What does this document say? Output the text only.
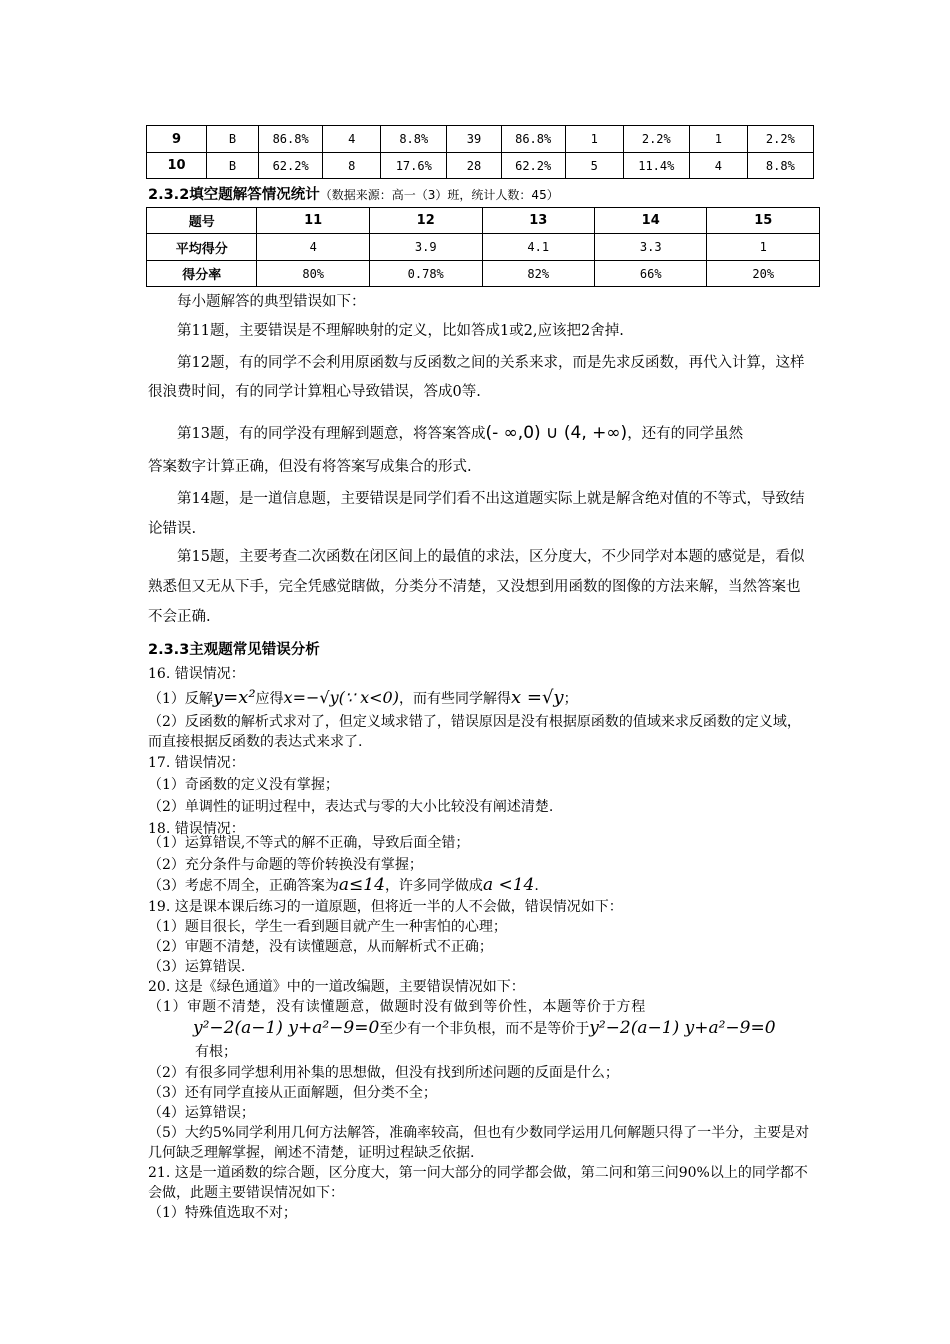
9	B	86.8%	4	8.8%	39	86.8%	1	2.2%	1	2.2%
10	B	62.2%	8	17.6%	28	62.2%	5	11.4%	4	8.8%
2.3.2填空题解答情况统计（数据来源：高一（3）班，统计人数：45）
题号	11	12	13	14	15
平均得分	4	3.9	4.1	3.3	1
得分率	80%	0.78%	82%	66%	20%
每小题解答的典型错误如下：
第11题，主要错误是不理解映射的定义，比如答成1或2,应该把2舍掉.
第12题，有的同学不会利用原函数与反函数之间的关系来求，而是先求反函数，再代入计算，这样很浪费时间，有的同学计算粗心导致错误，答成0等.
第13题，有的同学没有理解到题意，将答案答成(- ∞,0) ∪ (4, +∞)，还有的同学虽然
答案数字计算正确，但没有将答案写成集合的形式.
第14题，是一道信息题，主要错误是同学们看不出这道题实际上就是解含绝对值的不等式，导致结论错误.
第15题，主要考查二次函数在闭区间上的最值的求法，区分度大，不少同学对本题的感觉是，看似熟悉但又无从下手，完全凭感觉瞎做，分类分不清楚，又没想到用函数的图像的方法来解，当然答案也不会正确.
2.3.3主观题常见错误分析
16. 错误情况：
（1）反解y=x²应得x=−√y(∵ x<0)，而有些同学解得x =√y；
（2）反函数的解析式求对了，但定义域求错了，错误原因是没有根据原函数的值域来求反函数的定义域，而直接根据反函数的表达式来求了.
17. 错误情况：
（1）奇函数的定义没有掌握；
（2）单调性的证明过程中，表达式与零的大小比较没有阐述清楚.
18. 错误情况：
（1）运算错误,不等式的解不正确，导致后面全错；
（2）充分条件与命题的等价转换没有掌握；
（3）考虑不周全，正确答案为a≤14，许多同学做成a <14.
19. 这是课本课后练习的一道原题，但将近一半的人不会做，错误情况如下：
（1）题目很长，学生一看到题目就产生一种害怕的心理；
（2）审题不清楚，没有读懂题意，从而解析式不正确；
（3）运算错误.
20. 这是《绿色通道》中的一道改编题，主要错误情况如下：
（1）审题不清楚，没有读懂题意，做题时没有做到等价性，本题等价于方程
y²−2(a−1) y+a²−9=0至少有一个非负根，而不是等价于y²−2(a−1) y+a²−9=0
有根；
（2）有很多同学想利用补集的思想做，但没有找到所述问题的反面是什么；
（3）还有同学直接从正面解题，但分类不全；
（4）运算错误；
（5）大约5%同学利用几何方法解答，准确率较高，但也有少数同学运用几何解题只得了一半分，主要是对几何缺乏理解掌握，阐述不清楚，证明过程缺乏依据.
21. 这是一道函数的综合题，区分度大，第一问大部分的同学都会做，第二问和第三问90%以上的同学都不会做，此题主要错误情况如下：
（1）特殊值选取不对；
